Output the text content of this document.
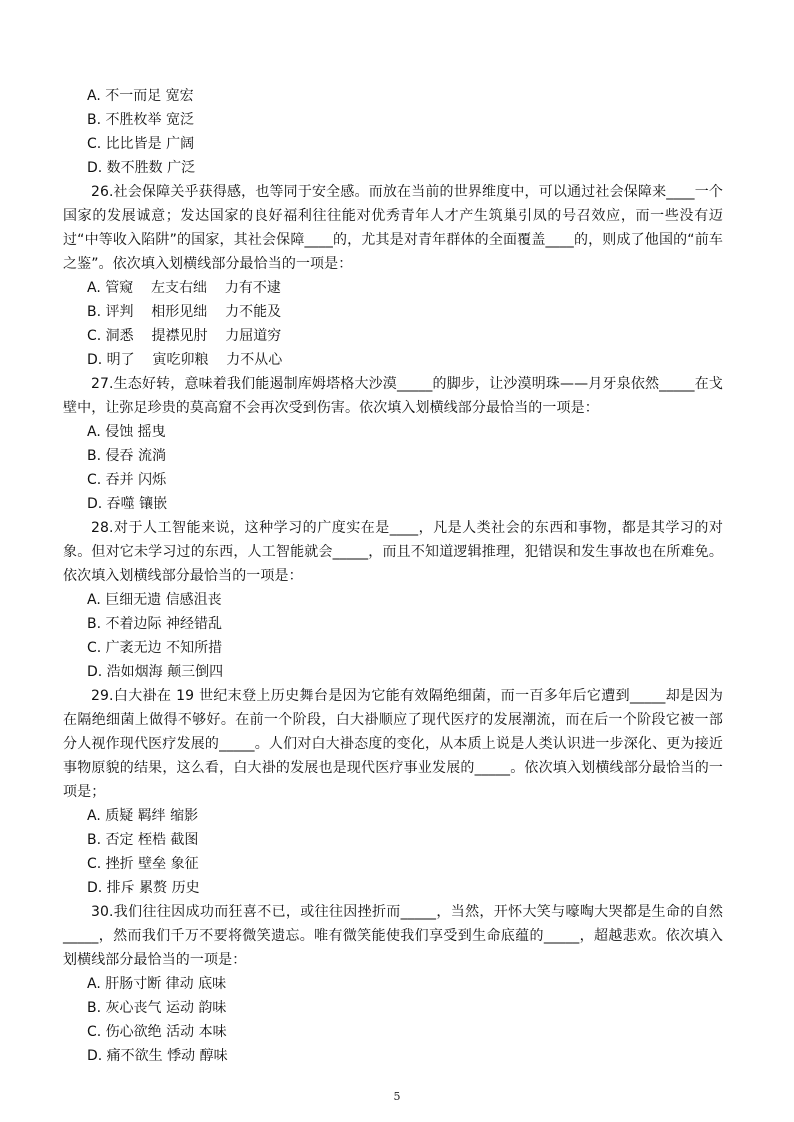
A. 不一而足 宽宏
B. 不胜枚举 宽泛
C. 比比皆是 广阔
D. 数不胜数 广泛

26.社会保障关乎获得感，也等同于安全感。而放在当前的世界维度中，可以通过社会保障来____一个国家的发展诚意；发达国家的良好福利往往能对优秀青年人才产生筑巢引凤的号召效应，而一些没有迈过“中等收入陷阱”的国家，其社会保障____的，尤其是对青年群体的全面覆盖____的，则成了他国的“前车之鉴”。依次填入划横线部分最恰当的一项是：

A. 管窥    左支右绌    力有不逮
B. 评判    相形见绌    力不能及
C. 洞悉    提襟见肘    力屈道穷
D. 明了    寅吃卯粮    力不从心

27.生态好转，意味着我们能遏制库姆塔格大沙漠_____的脚步，让沙漠明珠——月牙泉依然_____在戈壁中，让弥足珍贵的莫高窟不会再次受到伤害。依次填入划横线部分最恰当的一项是：

A. 侵蚀 摇曳
B. 侵吞 流淌
C. 吞并 闪烁
D. 吞噬 镶嵌

28.对于人工智能来说，这种学习的广度实在是____，凡是人类社会的东西和事物，都是其学习的对象。但对它未学习过的东西，人工智能就会_____，而且不知道逻辑推理，犯错误和发生事故也在所难免。依次填入划横线部分最恰当的一项是：

A. 巨细无遗 信感沮丧
B. 不着边际 神经错乱
C. 广袤无边 不知所措
D. 浩如烟海 颠三倒四

29.白大褂在 19 世纪末登上历史舞台是因为它能有效隔绝细菌，而一百多年后它遭到_____却是因为在隔绝细菌上做得不够好。在前一个阶段，白大褂顺应了现代医疗的发展潮流，而在后一个阶段它被一部分人视作现代医疗发展的_____。人们对白大褂态度的变化，从本质上说是人类认识进一步深化、更为接近事物原貌的结果，这么看，白大褂的发展也是现代医疗事业发展的_____。依次填入划横线部分最恰当的一项是；

A. 质疑 羁绊 缩影
B. 否定 桎梏 截图
C. 挫折 壁垒 象征
D. 排斥 累赘 历史

30.我们往往因成功而狂喜不已，或往往因挫折而_____，当然，开怀大笑与嚎啕大哭都是生命的自然_____，然而我们千万不要将微笑遗忘。唯有微笑能使我们享受到生命底蕴的_____，超越悲欢。依次填入划横线部分最恰当的一项是：

A. 肝肠寸断 律动 底味
B. 灰心丧气 运动 韵味
C. 伤心欲绝 活动 本味
D. 痛不欲生 悸动 醇味
5
